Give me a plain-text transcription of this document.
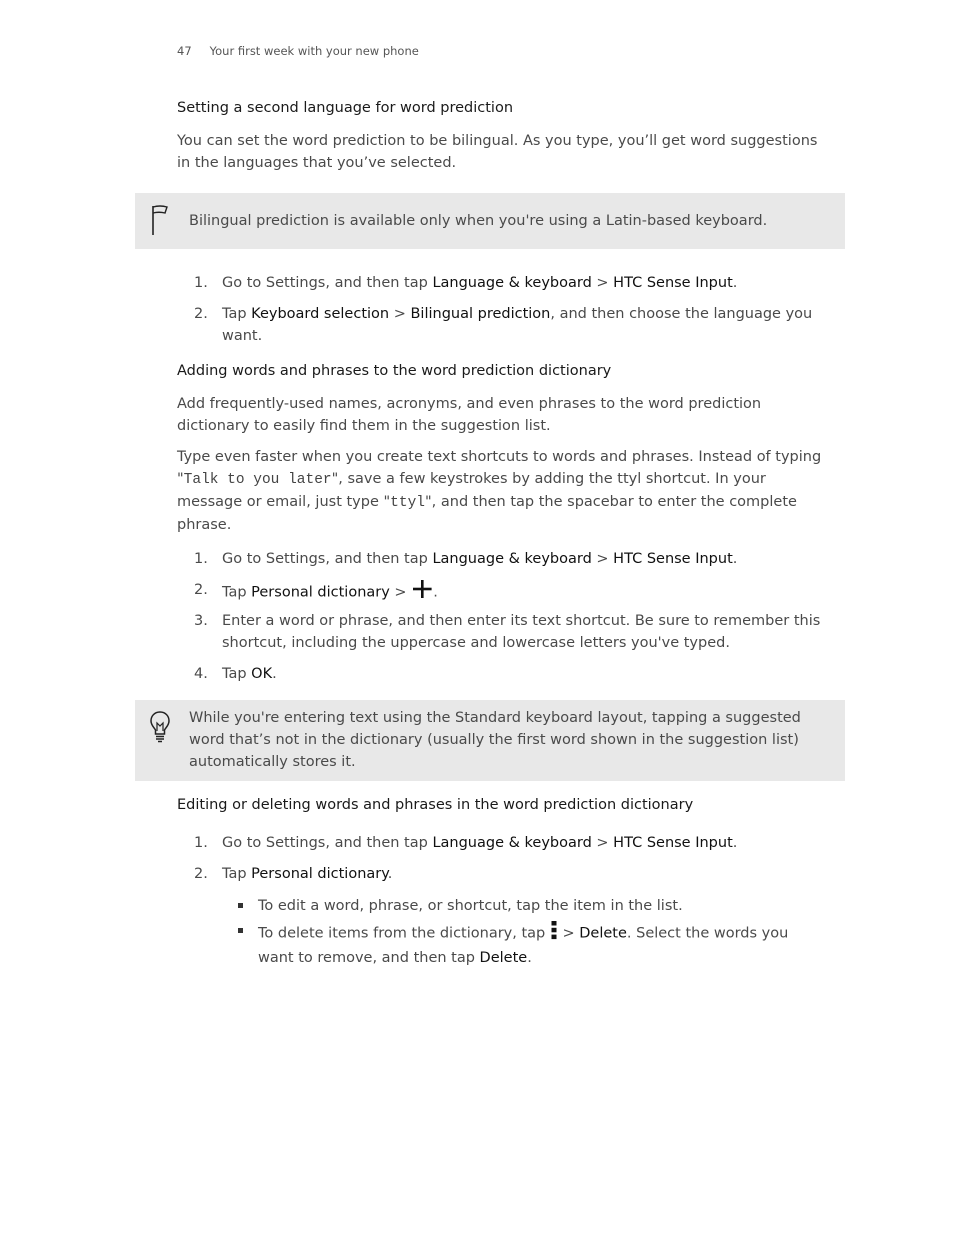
47 Your first week with your new phone
Setting a second language for word prediction
You can set the word prediction to be bilingual. As you type, you’ll get word suggestions in the languages that you’ve selected.
Bilingual prediction is available only when you're using a Latin-based keyboard.
1. Go to Settings, and then tap Language & keyboard > HTC Sense Input.
2. Tap Keyboard selection > Bilingual prediction, and then choose the language you want.
Adding words and phrases to the word prediction dictionary
Add frequently-used names, acronyms, and even phrases to the word prediction dictionary to easily find them in the suggestion list.
Type even faster when you create text shortcuts to words and phrases. Instead of typing "Talk to you later", save a few keystrokes by adding the ttyl shortcut. In your message or email, just type "ttyl", and then tap the spacebar to enter the complete phrase.
1. Go to Settings, and then tap Language & keyboard > HTC Sense Input.
2. Tap Personal dictionary > .
3. Enter a word or phrase, and then enter its text shortcut. Be sure to remember this shortcut, including the uppercase and lowercase letters you've typed.
4. Tap OK.
While you're entering text using the Standard keyboard layout, tapping a suggested word that’s not in the dictionary (usually the first word shown in the suggestion list) automatically stores it.
Editing or deleting words and phrases in the word prediction dictionary
1. Go to Settings, and then tap Language & keyboard > HTC Sense Input.
2. Tap Personal dictionary.
To edit a word, phrase, or shortcut, tap the item in the list.
To delete items from the dictionary, tap  > Delete. Select the words you want to remove, and then tap Delete.
